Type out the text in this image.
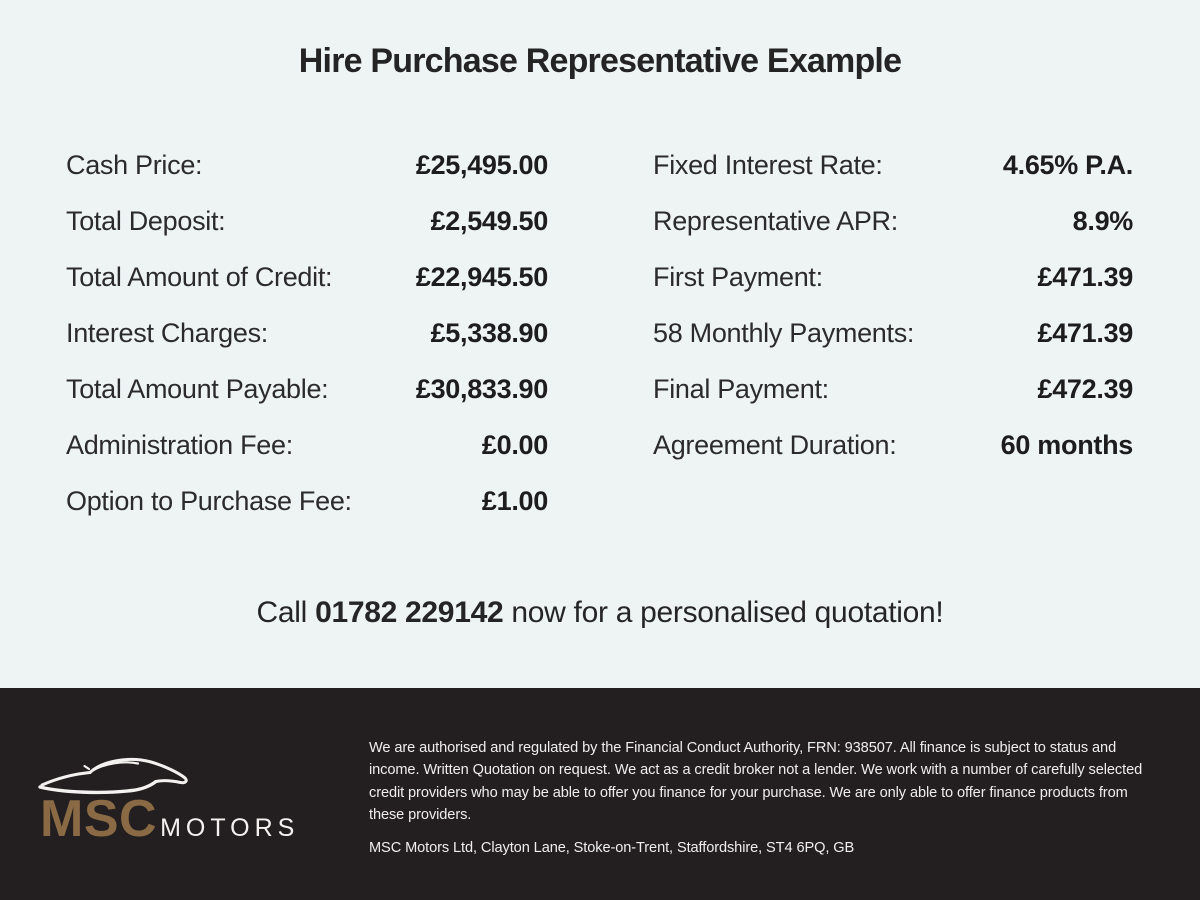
Hire Purchase Representative Example
Cash Price:	£25,495.00
Total Deposit:	£2,549.50
Total Amount of Credit:	£22,945.50
Interest Charges:	£5,338.90
Total Amount Payable:	£30,833.90
Administration Fee:	£0.00
Option to Purchase Fee:	£1.00
Fixed Interest Rate:	4.65% P.A.
Representative APR:	8.9%
First Payment:	£471.39
58 Monthly Payments:	£471.39
Final Payment:	£472.39
Agreement Duration:	60 months
Call 01782 229142 now for a personalised quotation!
MSC MOTORS

We are authorised and regulated by the Financial Conduct Authority, FRN: 938507. All finance is subject to status and income. Written Quotation on request. We act as a credit broker not a lender. We work with a number of carefully selected credit providers who may be able to offer you finance for your purchase. We are only able to offer finance products from these providers.

MSC Motors Ltd, Clayton Lane, Stoke-on-Trent, Staffordshire, ST4 6PQ, GB
